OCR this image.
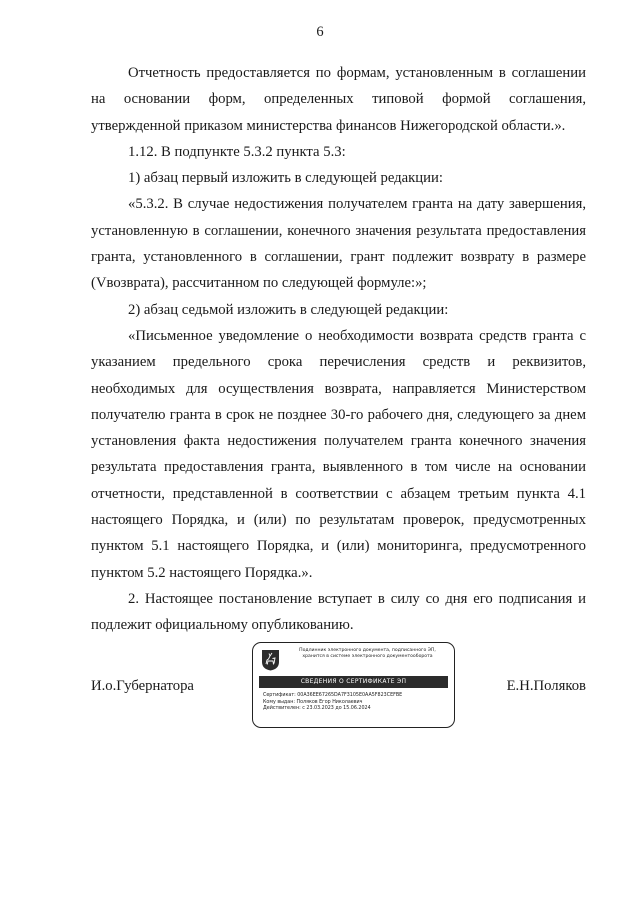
6

Отчетность предоставляется по формам, установленным в соглашении на основании форм, определенных типовой формой соглашения, утвержденной приказом министерства финансов Нижегородской области.».

1.12. В подпункте 5.3.2 пункта 5.3:

1) абзац первый изложить в следующей редакции:

«5.3.2. В случае недостижения получателем гранта на дату завершения, установленную в соглашении, конечного значения результата предоставления гранта, установленного в соглашении, грант подлежит возврату в размере (Vвозврата), рассчитанном по следующей формуле:»;

2) абзац седьмой изложить в следующей редакции:

«Письменное уведомление о необходимости возврата средств гранта с указанием предельного срока перечисления средств и реквизитов, необходимых для осуществления возврата, направляется Министерством получателю гранта в срок не позднее 30-го рабочего дня, следующего за днем установления факта недостижения получателем гранта конечного значения результата предоставления гранта, выявленного в том числе на основании отчетности, представленной в соответствии с абзацем третьим пункта 4.1 настоящего Порядка, и (или) по результатам проверок, предусмотренных пунктом 5.1 настоящего Порядка, и (или) мониторинга, предусмотренного пунктом 5.2 настоящего Порядка.».

2. Настоящее постановление вступает в силу со дня его подписания и подлежит официальному опубликованию.

И.о.Губернатора	Е.Н.Поляков
Подлинник электронного документа, подписанного ЭП,
хранится в системе электронного документооборота
СВЕДЕНИЯ О СЕРТИФИКАТЕ ЭП
Сертификат: 00A36EE67265DA7F3105E0AA5F823CEFBE
Кому выдан: Поляков Егор Николаевич
Действителен: с 23.03.2023 до 15.06.2024
